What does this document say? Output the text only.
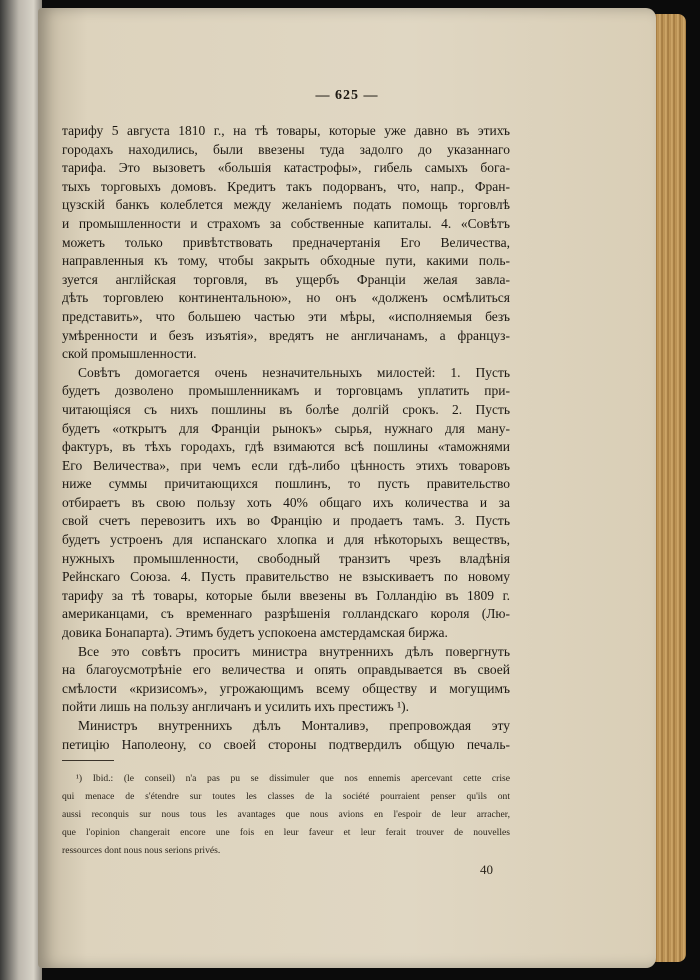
— 625 —
тарифу 5 августа 1810 г., на тѣ товары, которые уже давно въ этихъ
городахъ находились, были ввезены туда задолго до указаннаго
тарифа. Это вызоветъ «большія катастрофы», гибель самыхъ бога-
тыхъ торговыхъ домовъ. Кредитъ такъ подорванъ, что, напр., Фран-
цузскій банкъ колеблется между желаніемъ подать помощь торговлѣ
и промышленности и страхомъ за собственные капиталы. 4. «Совѣтъ
можетъ только привѣтствовать предначертанія Его Величества,
направленныя къ тому, чтобы закрыть обходные пути, какими поль-
зуется англійская торговля, въ ущербъ Франціи желая завла-
дѣть торговлею континентальною», но онъ «долженъ осмѣлиться
представить», что большею частью эти мѣры, «исполняемыя безъ
умѣренности и безъ изъятія», вредятъ не англичанамъ, а француз-
ской промышленности.
Совѣтъ домогается очень незначительныхъ милостей: 1. Пусть
будетъ дозволено промышленникамъ и торговцамъ уплатить при-
читающіяся съ нихъ пошлины въ болѣе долгій срокъ. 2. Пусть
будетъ «открытъ для Франціи рынокъ» сырья, нужнаго для ману-
фактуръ, въ тѣхъ городахъ, гдѣ взимаются всѣ пошлины «таможнями
Его Величества», при чемъ если гдѣ-либо цѣнность этихъ товаровъ
ниже суммы причитающихся пошлинъ, то пусть правительство
отбираетъ въ свою пользу хоть 40% общаго ихъ количества и за
свой счетъ перевозитъ ихъ во Францію и продаетъ тамъ. 3. Пусть
будетъ устроенъ для испанскаго хлопка и для нѣкоторыхъ веществъ,
нужныхъ промышленности, свободный транзитъ чрезъ владѣнія
Рейнскаго Союза. 4. Пусть правительство не взыскиваетъ по новому
тарифу за тѣ товары, которые были ввезены въ Голландію въ 1809 г.
американцами, съ временнаго разрѣшенія голландскаго короля (Лю-
довика Бонапарта). Этимъ будетъ успокоена амстердамская биржа.
Все это совѣтъ проситъ министра внутреннихъ дѣлъ повергнуть
на благоусмотрѣніе его величества и опять оправдывается въ своей
смѣлости «кризисомъ», угрожающимъ всему обществу и могущимъ
пойти лишь на пользу англичанъ и усилить ихъ престижъ ¹).
Министръ внутреннихъ дѣлъ Монталивэ, препровождая эту
петицію Наполеону, со своей стороны подтвердилъ общую печаль-
¹) Ibid.: (le conseil) n'a pas pu se dissimuler que nos ennemis apercevant cette crise
qui menace de s'étendre sur toutes les classes de la société pourraient penser qu'ils ont
aussi reconquis sur nous tous les avantages que nous avions en l'espoir de leur arracher,
que l'opinion changerait encore une fois en leur faveur et leur ferait trouver de nouvelles
ressources dont nous nous serions privés.
40
